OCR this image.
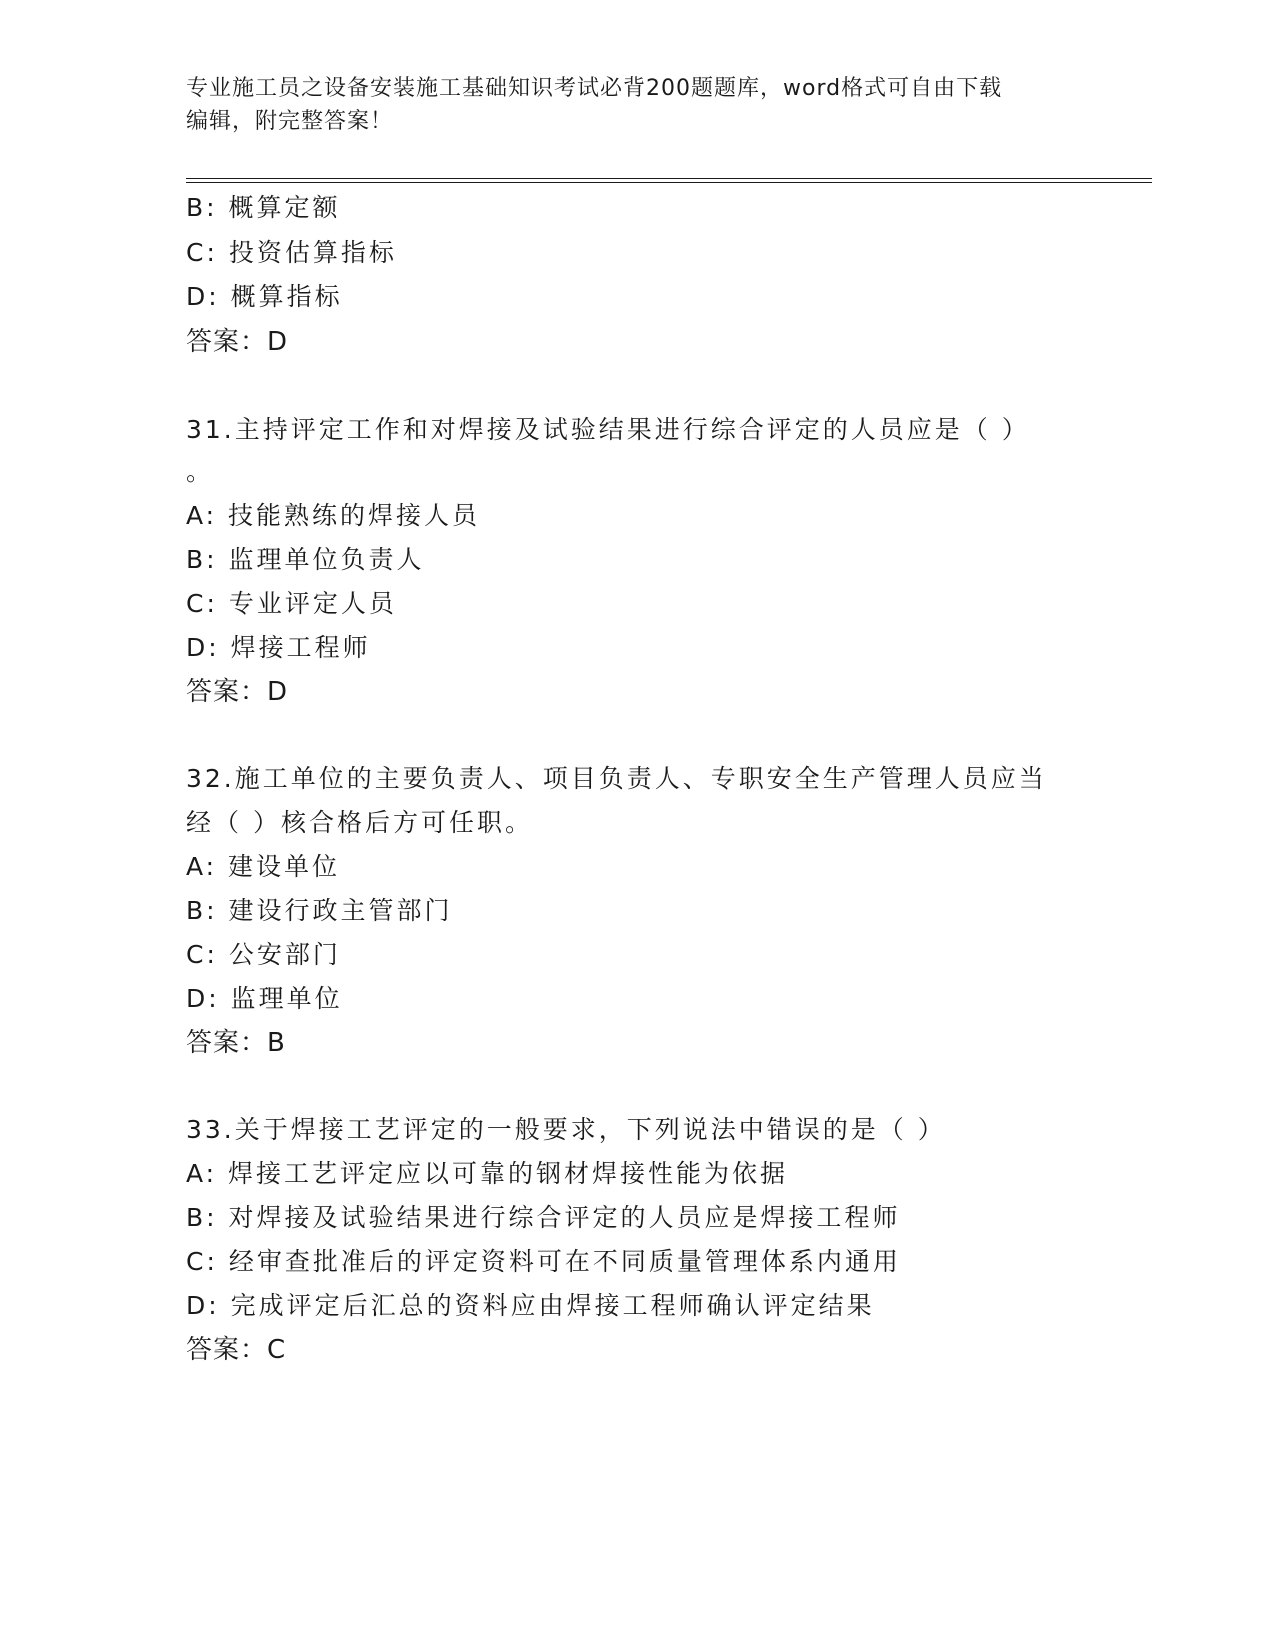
专业施工员之设备安装施工基础知识考试必背200题题库，word格式可自由下载
编辑，附完整答案！
B: 概算定额
C: 投资估算指标
D: 概算指标
答案：D
31.主持评定工作和对焊接及试验结果进行综合评定的人员应是（ ）
。
A: 技能熟练的焊接人员
B: 监理单位负责人
C: 专业评定人员
D: 焊接工程师
答案：D
32.施工单位的主要负责人、项目负责人、专职安全生产管理人员应当
经（ ）核合格后方可任职。
A: 建设单位
B: 建设行政主管部门
C: 公安部门
D: 监理单位
答案：B
33.关于焊接工艺评定的一般要求，下列说法中错误的是（ ）
A: 焊接工艺评定应以可靠的钢材焊接性能为依据
B: 对焊接及试验结果进行综合评定的人员应是焊接工程师
C: 经审查批准后的评定资料可在不同质量管理体系内通用
D: 完成评定后汇总的资料应由焊接工程师确认评定结果
答案：C
